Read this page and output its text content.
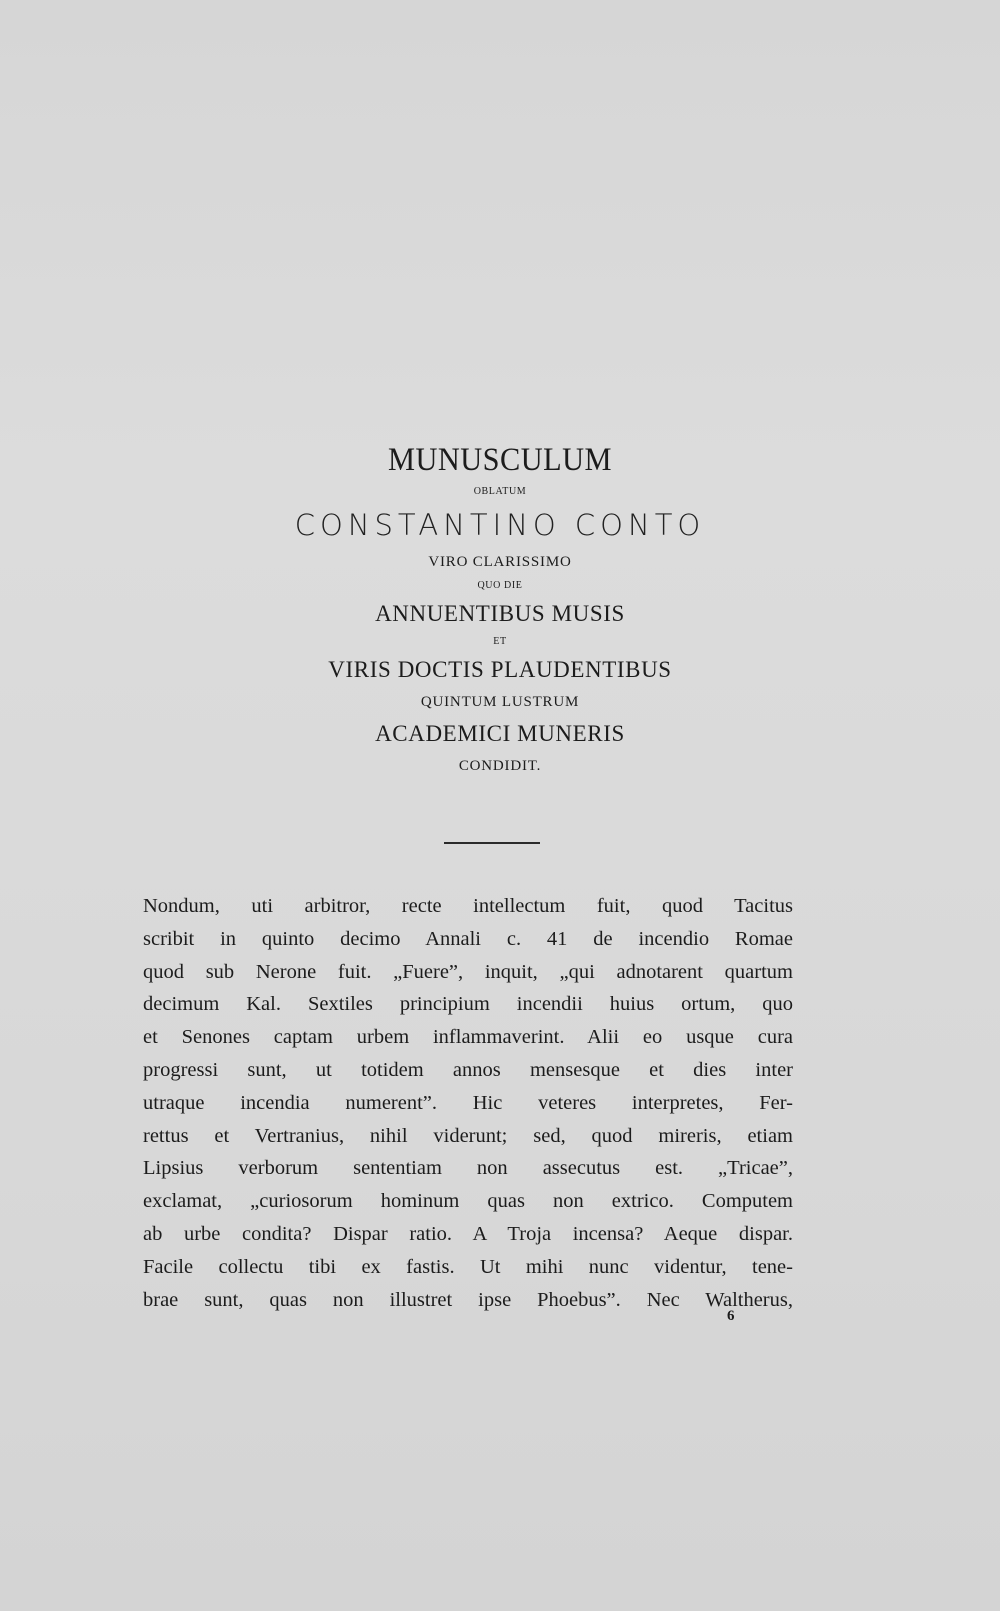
MUNUSCULUM
OBLATUM
CONSTANTINO CONTO
VIRO CLARISSIMO
QUO DIE
ANNUENTIBUS MUSIS
ET
VIRIS DOCTIS PLAUDENTIBUS
QUINTUM LUSTRUM
ACADEMICI MUNERIS
CONDIDIT.
Nondum, uti arbitror, recte intellectum fuit, quod Tacitus
scribit in quinto decimo Annali c. 41 de incendio Romae
quod sub Nerone fuit. „Fuere”, inquit, „qui adnotarent quartum
decimum Kal. Sextiles principium incendii huius ortum, quo
et Senones captam urbem inflammaverint. Alii eo usque cura
progressi sunt, ut totidem annos mensesque et dies inter
utraque incendia numerent”. Hic veteres interpretes, Fer-
rettus et Vertranius, nihil viderunt; sed, quod mireris, etiam
Lipsius verborum sententiam non assecutus est. „Tricae”,
exclamat, „curiosorum hominum quas non extrico. Computem
ab urbe condita? Dispar ratio. A Troja incensa? Aeque dispar.
Facile collectu tibi ex fastis. Ut mihi nunc videntur, tene-
brae sunt, quas non illustret ipse Phoebus”. Nec Waltherus,
6
